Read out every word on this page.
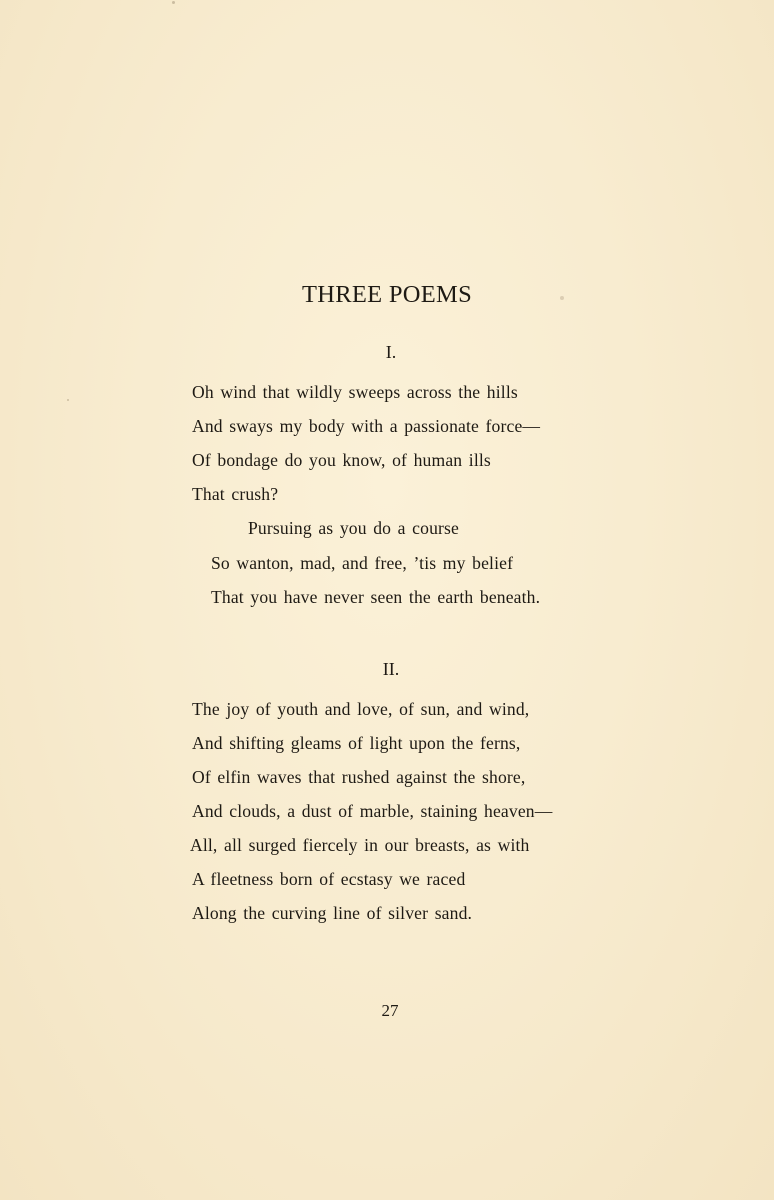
THREE POEMS
I.
Oh wind that wildly sweeps across the hills
And sways my body with a passionate force—
Of bondage do you know, of human ills
That crush?
Pursuing as you do a course
So wanton, mad, and free, ’tis my belief
That you have never seen the earth beneath.
II.
The joy of youth and love, of sun, and wind,
And shifting gleams of light upon the ferns,
Of elfin waves that rushed against the shore,
And clouds, a dust of marble, staining heaven—
All, all surged fiercely in our breasts, as with
A fleetness born of ecstasy we raced
Along the curving line of silver sand.
27
